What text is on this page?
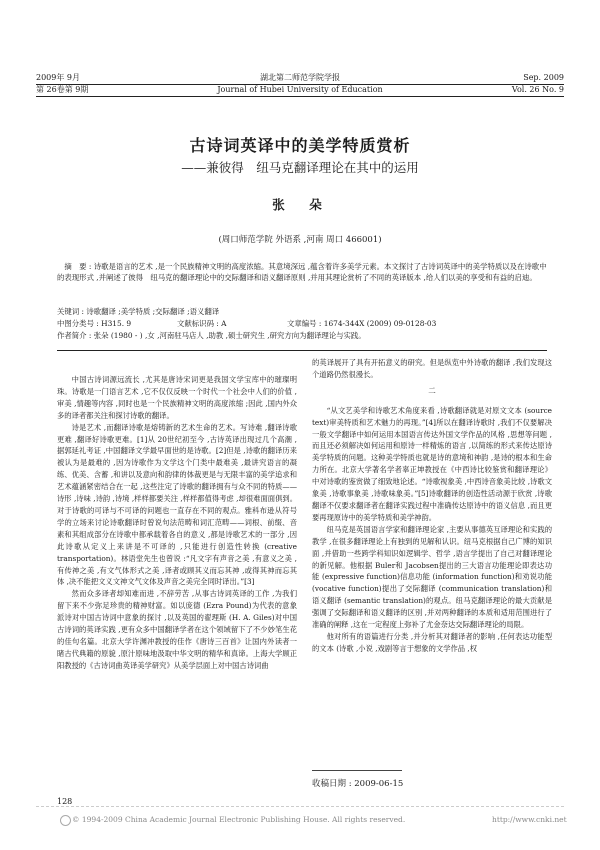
2009年 9月
第 26卷第 9期
湖北第二师范学院学报
Journal of Hubei University of Education
Sep. 2009
Vol. 26 No. 9
古诗词英译中的美学特质赏析
——兼彼得　纽马克翻译理论在其中的运用
张　朵
(周口师范学院 外语系 ,河南 周口 466001)
摘　要 : 诗歌是语言的艺术 ,是一个民族精神文明的高度浓缩。其意境深远 ,蕴含着许多美学元素。本文探讨了古诗词英译中的美学特质以及在诗歌中的表现形式 ,并阐述了彼得　纽马克的翻译理论中的交际翻译和语义翻译原则 ,并用其理论赏析了不同的英译版本 ,给人们以美的享受和有益的启迪。
关键词 : 诗歌翻译 ;美学特质 ;交际翻译 ;语义翻译
中图分类号 : H315. 9	文献标识码 : A	文章编号 : 1674-344X (2009) 09-0128-03
作者简介 : 张朵 (1980 - ) ,女 ,河南驻马店人 ,助教 ,硕士研究生 ,研究方向为翻译理论与实践。

中国古诗词源远流长 ,尤其是唐诗宋词更是我国文学宝库中的璀璨明珠。诗歌是一门语言艺术 ,它不仅仅反映一个时代一个社会中人们的价值 ,审美 ,情趣等内容 ,同时也是一个民族精神文明的高度浓缩 ;因此 ,国内外众多的译者都关注和探讨诗歌的翻译。

诗是艺术 ,而翻译诗歌是熔铸新的艺术生命的艺术。写诗难 ,翻译诗歌更难 ,翻译好诗歌更难。[1]从 20世纪初至今 ,古诗英译出现过几个高潮 ,据郭延礼考证 ,中国翻译文学最早面世的是诗歌。[2]但是 ,诗歌的翻译历来被认为是最难的 ,因为诗歌作为文学这个门类中最难美 ,最讲究语言的凝练、优美、含蓄 ,和讲以及意向和韵律的体裁更是与无限丰富的美学追求和艺术蕴涵紧密结合在一起 ,这些注定了诗歌的翻译拥有与众不同的特质——诗形 ,诗味 ,诗韵 ,诗境 ,样样都要关注 ,样样都值得考虑 ,却很难面面俱到。对于诗歌的可译与不可译的问题也一直存在不同的观点。雅科布逊从符号学的立场来讨论诗歌翻译时曾说句法范畴和词汇范畴——词根、前缀、音素和其组成部分在诗歌中都承载着各自的意义 ,都是诗歌艺术的一部分 ,因此诗歌从定义上来讲是不可译的 ,只能进行创造性转换 (creative transportation)。林语堂先生也曾说 :“凡文字有声音之美 ,有意义之美 ,有传神之美 ,有文气体形式之美 ,译者或顾其义而忘其神 ,或得其神而忘其体 ,决不能把文义文神文气文体及声音之美完全同时译出。”[3]

然而众多译者却知难而进 ,不辞劳苦 ,从事古诗词英译的工作 ,为我们留下来不少弥足珍贵的精神财富。如以庞德 (Ezra Pound)为代表的意象派诗对中国古诗词中意象的探讨 ,以及英国的翟理斯 (H. A. Giles)对中国古诗词的英译实践 ,更有众多中国翻译学者在这个领域留下了不少妙笔生花的佳句名篇。北京大学许渊冲教授的佳作《唐诗三百首》让国内外读者一睹古代典籍的原貌 ,原汁原味地汲取中华文明的精华和真谛。上海大学顾正阳教授的《古诗词曲英译美学研究》从美学层面上对中国古诗词曲

的英译展开了具有开拓意义的研究。但是纵览中外诗歌的翻译 ,我们发现这个道路仍然很漫长。

二

“从文艺美学和诗歌艺术角度来看 ,诗歌翻译就是对原文文本 (source text)审美特质和艺术魅力的再现。”[4]所以在翻译诗歌时 ,我们不仅要解决一般文学翻译中如何运用本国语言传达外国文学作品的风格 ,思想等问题 ,而且还必须解决如何运用和原诗一样精炼的语言 ,以简练的形式来传达原诗美学特质的问题。这种美学特质也就是诗的意境和神韵 ,是诗的根本和生命力所在。北京大学著名学者辜正坤教授在《中西诗比较鉴赏和翻译理论》中对诗歌的鉴赏做了细致地论述。“诗歌视象美 ,中西诗音象美比较 ,诗歌文象美 ,诗歌事象美 ,诗歌味象美。”[5]诗歌翻译的创造性活动源于欣赏 ,诗歌翻译不仅要求翻译者在翻译实践过程中准确传达原诗中的语义信息 ,而且更要再现原诗中的美学特质和美学神韵。

纽马克是英国语言学家和翻译理论家 ,主要从事德英互译理论和实践的教学 ,在很多翻译理论上有独到的见解和认识。纽马克根据自己广博的知识面 ,并借助一些跨学科知识如逻辑学、哲学 ,语言学提出了自己对翻译理论的新见解。他根据 Buler和 Jacobsen提出的三大语言功能理论即表达功能 (expressive function)信息功能 (information function)和劝说功能 (vocative function)提出了交际翻译 (communication translation)和语义翻译 (semantic translation)的观点。纽马克翻译理论的最大贡献是强调了交际翻译和语义翻译的区别 ,并对两种翻译的本质和适用范围进行了准确的阐释 ,这在一定程度上弥补了尤金奈达交际翻译理论的局限。

他对所有的语篇进行分类 ,并分析其对翻译者的影响 ,任何表达功能型的文本 (诗歌 ,小说 ,戏剧等言于想象的文学作品 ,权

收稿日期 : 2009-06-15
128
© 1994-2009 China Academic Journal Electronic Publishing House. All rights reserved.	http://www.cnki.net
